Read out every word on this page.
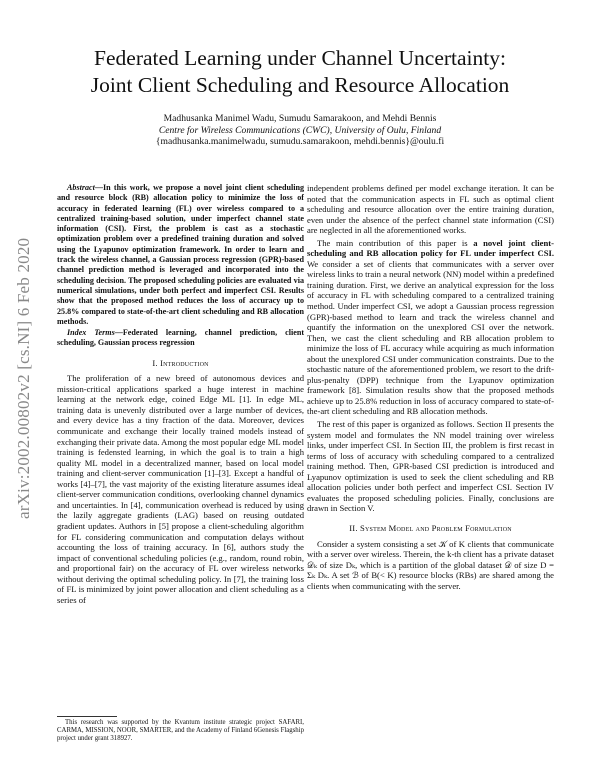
arXiv:2002.00802v2 [cs.NI] 6 Feb 2020
Federated Learning under Channel Uncertainty:
Joint Client Scheduling and Resource Allocation
Madhusanka Manimel Wadu, Sumudu Samarakoon, and Mehdi Bennis
Centre for Wireless Communications (CWC), University of Oulu, Finland
{madhusanka.manimelwadu, sumudu.samarakoon, mehdi.bennis}@oulu.fi

Abstract—In this work, we propose a novel joint client scheduling and resource block (RB) allocation policy to minimize the loss of accuracy in federated learning (FL) over wireless compared to a centralized training-based solution, under imperfect channel state information (CSI). First, the problem is cast as a stochastic optimization problem over a predefined training duration and solved using the Lyapunov optimization framework. In order to learn and track the wireless channel, a Gaussian process regression (GPR)-based channel prediction method is leveraged and incorporated into the scheduling decision. The proposed scheduling policies are evaluated via numerical simulations, under both perfect and imperfect CSI. Results show that the proposed method reduces the loss of accuracy up to 25.8% compared to state-of-the-art client scheduling and RB allocation methods.

Index Terms—Federated learning, channel prediction, client scheduling, Gaussian process regression

I. Introduction

The proliferation of a new breed of autonomous devices and mission-critical applications sparked a huge interest in machine learning at the network edge, coined Edge ML [1]. In edge ML, training data is unevenly distributed over a large number of devices, and every device has a tiny fraction of the data. Moreover, devices communicate and exchange their locally trained models instead of exchanging their private data. Among the most popular edge ML model training is fedensted learning, in which the goal is to train a high quality ML model in a decentralized manner, based on local model training and client-server communication [1]–[3]. Except a handful of works [4]–[7], the vast majority of the existing literature assumes ideal client-server communication conditions, overlooking channel dynamics and uncertainties. In [4], communication overhead is reduced by using the lazily aggregate gradients (LAG) based on reusing outdated gradient updates. Authors in [5] propose a client-scheduling algorithm for FL considering communication and computation delays without accounting the loss of training accuracy. In [6], authors study the impact of conventional scheduling policies (e.g., random, round robin, and proportional fair) on the accuracy of FL over wireless networks without deriving the optimal scheduling policy. In [7], the training loss of FL is minimized by joint power allocation and client scheduling as a series of

independent problems defined per model exchange iteration. It can be noted that the communication aspects in FL such as optimal client scheduling and resource allocation over the entire training duration, even under the absence of the perfect channel state information (CSI) are neglected in all the aforementioned works.

The main contribution of this paper is a novel joint client-scheduling and RB allocation policy for FL under imperfect CSI. We consider a set of clients that communicates with a server over wireless links to train a neural network (NN) model within a predefined training duration. First, we derive an analytical expression for the loss of accuracy in FL with scheduling compared to a centralized training method. Under imperfect CSI, we adopt a Gaussian process regression (GPR)-based method to learn and track the wireless channel and quantify the information on the unexplored CSI over the network. Then, we cast the client scheduling and RB allocation problem to minimize the loss of FL accuracy while acquiring as much information about the unexplored CSI under communication constraints. Due to the stochastic nature of the aforementioned problem, we resort to the drift-plus-penalty (DPP) technique from the Lyapunov optimization framework [8]. Simulation results show that the proposed methods achieve up to 25.8% reduction in loss of accuracy compared to state-of-the-art client scheduling and RB allocation methods.

The rest of this paper is organized as follows. Section II presents the system model and formulates the NN model training over wireless links, under imperfect CSI. In Section III, the problem is first recast in terms of loss of accuracy with scheduling compared to a centralized training method. Then, GPR-based CSI prediction is introduced and Lyapunov optimization is used to seek the client scheduling and RB allocation policies under both perfect and imperfect CSI. Section IV evaluates the proposed scheduling policies. Finally, conclusions are drawn in Section V.

II. System Model and Problem Formulation

Consider a system consisting a set 𝒦 of K clients that communicate with a server over wireless. Therein, the k-th client has a private dataset 𝒟ₖ of size Dₖ, which is a partition of the global dataset 𝒟 of size D = Σₖ Dₖ. A set ℬ of B(< K) resource blocks (RBs) are shared among the clients when communicating with the server.

This research was supported by the Kvantum institute strategic project SAFARI, CARMA, MISSION, NOOR, SMARTER, and the Academy of Finland 6Genesis Flagship project under grant 318927.
